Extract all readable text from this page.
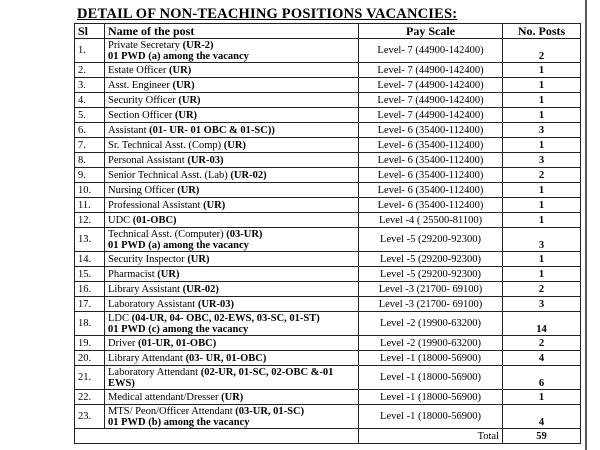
DETAIL OF NON-TEACHING POSITIONS VACANCIES:
Sl	Name of the post	Pay Scale	No. Posts
1.	Private Secretary (UR-2)
01 PWD (a) among the vacancy	Level- 7 (44900-142400)	2
2.	Estate Officer (UR)	Level- 7 (44900-142400)	1
3.	Asst. Engineer (UR)	Level- 7 (44900-142400)	1
4.	Security Officer (UR)	Level- 7 (44900-142400)	1
5.	Section Officer (UR)	Level- 7 (44900-142400)	1
6.	Assistant (01- UR- 01 OBC & 01-SC))	Level- 6 (35400-112400)	3
7.	Sr. Technical Asst. (Comp) (UR)	Level- 6 (35400-112400)	1
8.	Personal Assistant (UR-03)	Level- 6 (35400-112400)	3
9.	Senior Technical Asst. (Lab) (UR-02)	Level- 6 (35400-112400)	2
10.	Nursing Officer (UR)	Level- 6 (35400-112400)	1
11.	Professional Assistant (UR)	Level- 6 (35400-112400)	1
12.	UDC (01-OBC)	Level -4 ( 25500-81100)	1
13.	Technical Asst. (Computer) (03-UR)
01 PWD (a) among the vacancy	Level -5 (29200-92300)	3
14.	Security Inspector (UR)	Level -5 (29200-92300)	1
15.	Pharmacist (UR)	Level -5 (29200-92300)	1
16.	Library Assistant (UR-02)	Level -3 (21700- 69100)	2
17.	Laboratory Assistant (UR-03)	Level -3 (21700- 69100)	3
18.	LDC (04-UR, 04- OBC, 02-EWS, 03-SC, 01-ST)
01 PWD (c) among the vacancy	Level -2 (19900-63200)	14
19.	Driver (01-UR, 01-OBC)	Level -2 (19900-63200)	2
20.	Library Attendant (03- UR, 01-OBC)	Level -1 (18000-56900)	4
21.	Laboratory Attendant (02-UR, 01-SC, 02-OBC &-01
EWS)	Level -1 (18000-56900)	6
22.	Medical attendant/Dresser (UR)	Level -1 (18000-56900)	1
23.	MTS/ Peon/Officer Attendant (03-UR, 01-SC)
01 PWD (b) among the vacancy	Level -1 (18000-56900)	4
		Total	59
